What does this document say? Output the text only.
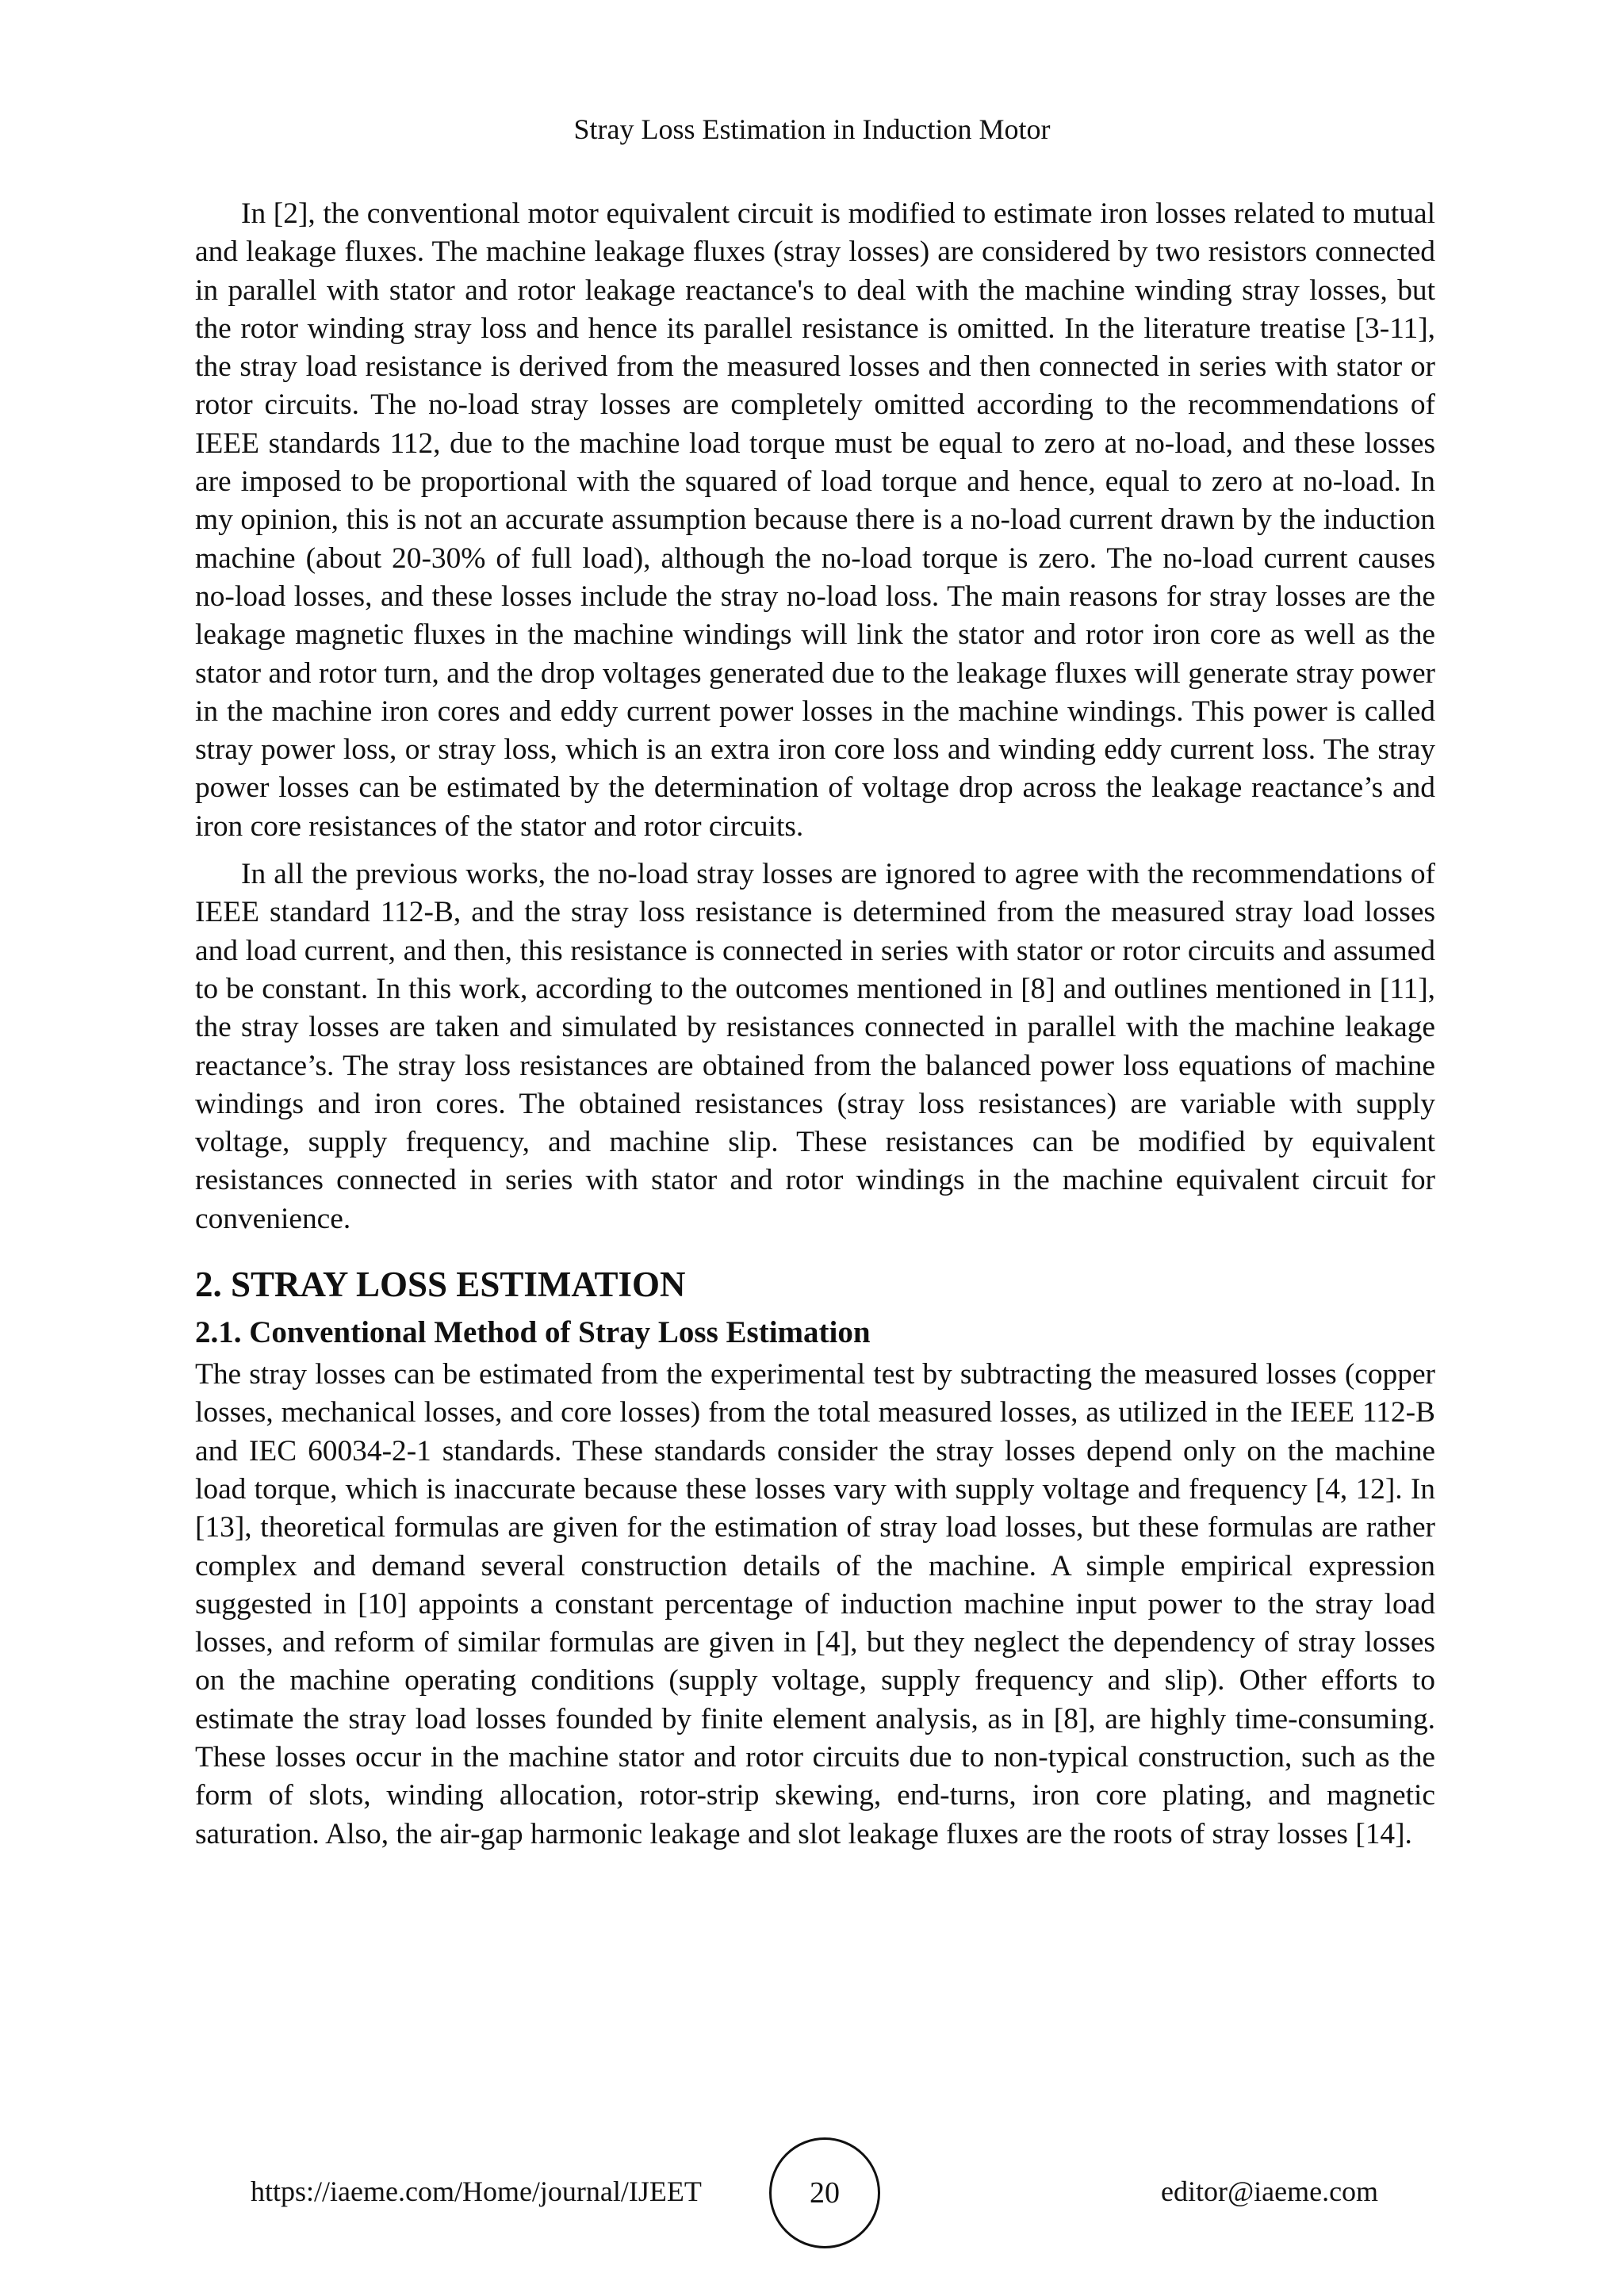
Stray Loss Estimation in Induction Motor

In [2], the conventional motor equivalent circuit is modified to estimate iron losses related to mutual and leakage fluxes. The machine leakage fluxes (stray losses) are considered by two resistors connected in parallel with stator and rotor leakage reactance's to deal with the machine winding stray losses, but the rotor winding stray loss and hence its parallel resistance is omitted. In the literature treatise [3-11], the stray load resistance is derived from the measured losses and then connected in series with stator or rotor circuits. The no-load stray losses are completely omitted according to the recommendations of IEEE standards 112, due to the machine load torque must be equal to zero at no-load, and these losses are imposed to be proportional with the squared of load torque and hence, equal to zero at no-load. In my opinion, this is not an accurate assumption because there is a no-load current drawn by the induction machine (about 20-30% of full load), although the no-load torque is zero. The no-load current causes no-load losses, and these losses include the stray no-load loss. The main reasons for stray losses are the leakage magnetic fluxes in the machine windings will link the stator and rotor iron core as well as the stator and rotor turn, and the drop voltages generated due to the leakage fluxes will generate stray power in the machine iron cores and eddy current power losses in the machine windings. This power is called stray power loss, or stray loss, which is an extra iron core loss and winding eddy current loss. The stray power losses can be estimated by the determination of voltage drop across the leakage reactance’s and iron core resistances of the stator and rotor circuits.

In all the previous works, the no-load stray losses are ignored to agree with the recommendations of IEEE standard 112-B, and the stray loss resistance is determined from the measured stray load losses and load current, and then, this resistance is connected in series with stator or rotor circuits and assumed to be constant. In this work, according to the outcomes mentioned in [8] and outlines mentioned in [11], the stray losses are taken and simulated by resistances connected in parallel with the machine leakage reactance’s. The stray loss resistances are obtained from the balanced power loss equations of machine windings and iron cores. The obtained resistances (stray loss resistances) are variable with supply voltage, supply frequency, and machine slip. These resistances can be modified by equivalent resistances connected in series with stator and rotor windings in the machine equivalent circuit for convenience.

2. STRAY LOSS ESTIMATION
2.1. Conventional Method of Stray Loss Estimation

The stray losses can be estimated from the experimental test by subtracting the measured losses (copper losses, mechanical losses, and core losses) from the total measured losses, as utilized in the IEEE 112-B and IEC 60034-2-1 standards. These standards consider the stray losses depend only on the machine load torque, which is inaccurate because these losses vary with supply voltage and frequency [4, 12]. In [13], theoretical formulas are given for the estimation of stray load losses, but these formulas are rather complex and demand several construction details of the machine. A simple empirical expression suggested in [10] appoints a constant percentage of induction machine input power to the stray load losses, and reform of similar formulas are given in [4], but they neglect the dependency of stray losses on the machine operating conditions (supply voltage, supply frequency and slip). Other efforts to estimate the stray load losses founded by finite element analysis, as in [8], are highly time-consuming. These losses occur in the machine stator and rotor circuits due to non-typical construction, such as the form of slots, winding allocation, rotor-strip skewing, end-turns, iron core plating, and magnetic saturation. Also, the air-gap harmonic leakage and slot leakage fluxes are the roots of stray losses [14].

https://iaeme.com/Home/journal/IJEET	20	editor@iaeme.com
